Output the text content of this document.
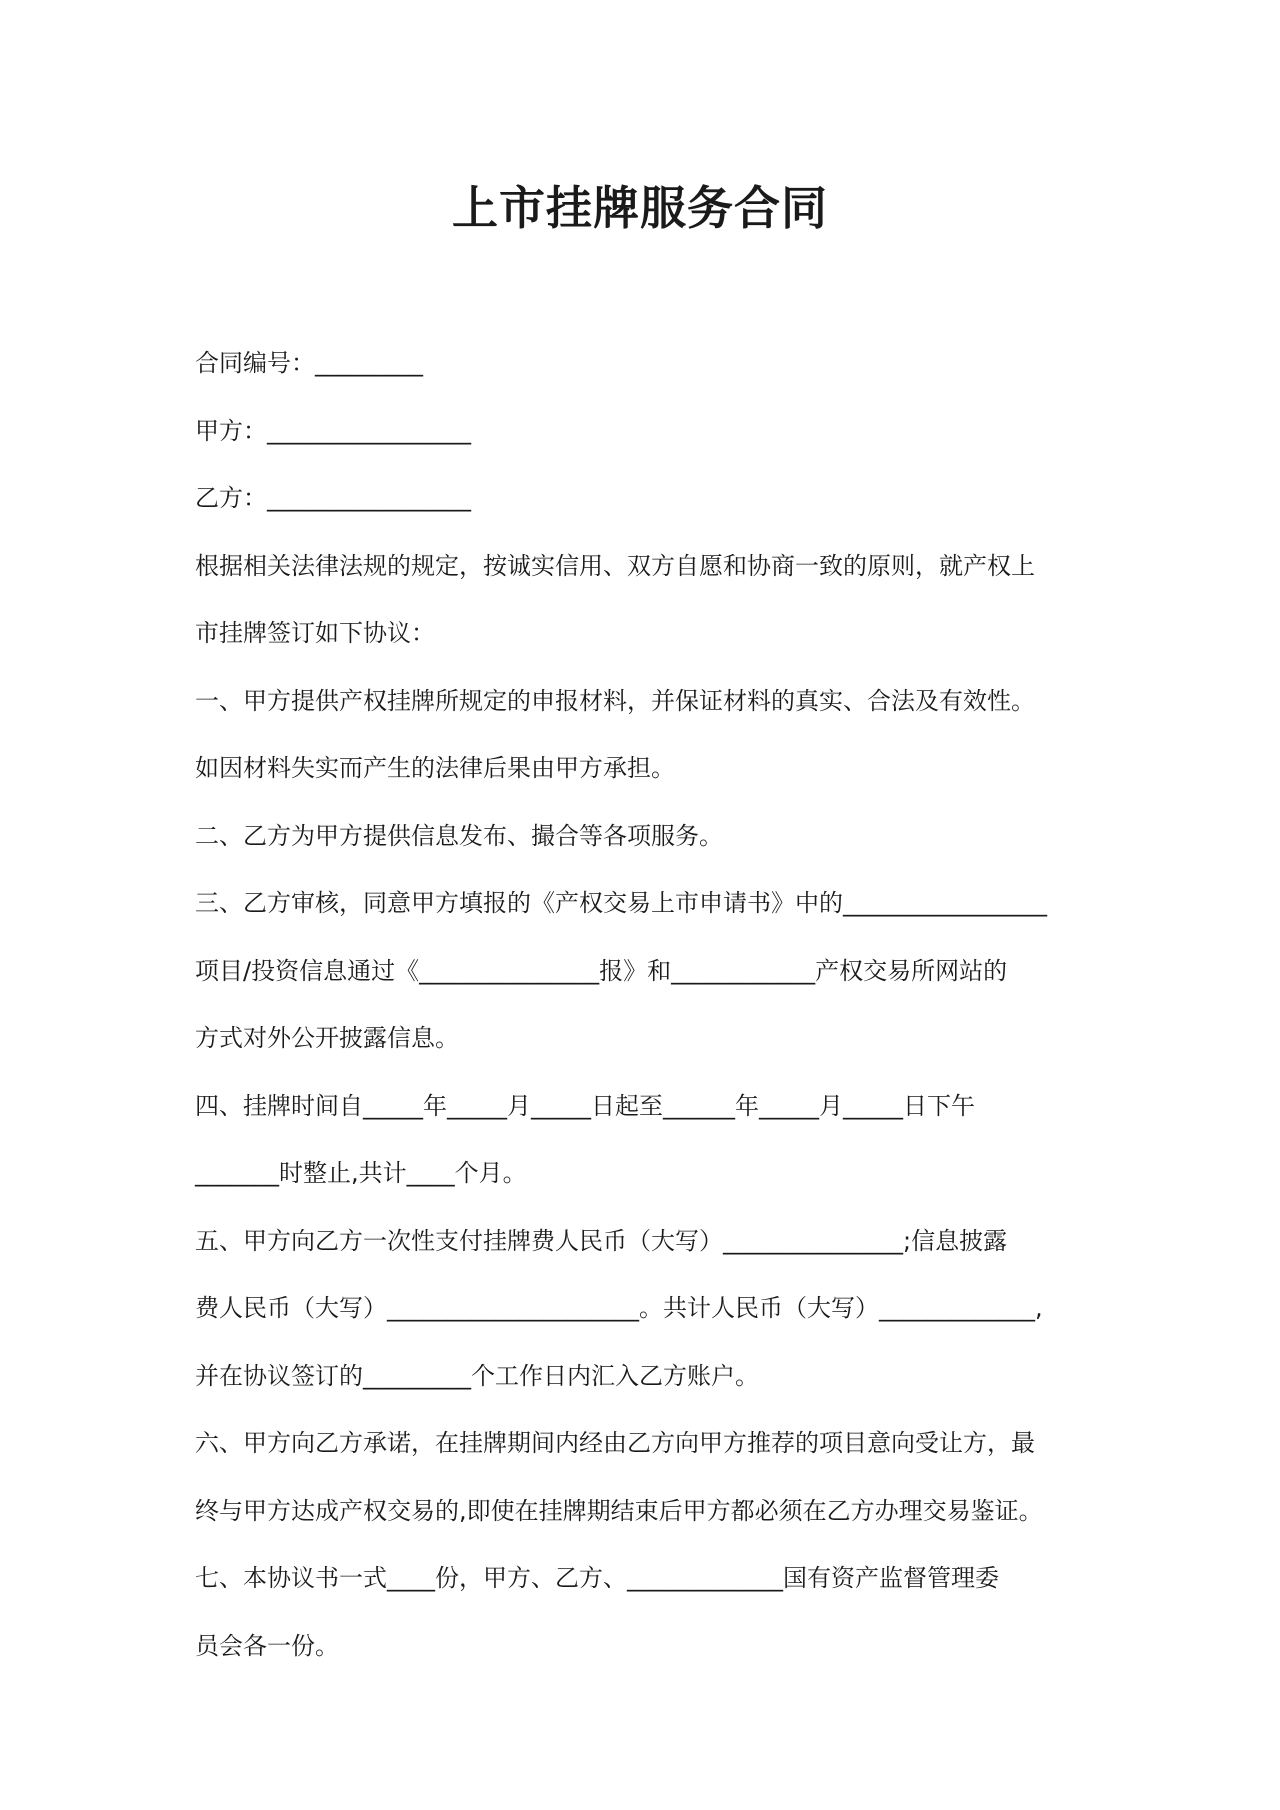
上市挂牌服务合同
合同编号：_________
甲方：_________________
乙方：_________________
根据相关法律法规的规定，按诚实信用、双方自愿和协商一致的原则，就产权上
市挂牌签订如下协议：
一、甲方提供产权挂牌所规定的申报材料，并保证材料的真实、合法及有效性。
如因材料失实而产生的法律后果由甲方承担。
二、乙方为甲方提供信息发布、撮合等各项服务。
三、乙方审核，同意甲方填报的《产权交易上市申请书》中的_________________
项目/投资信息通过《_______________报》和____________产权交易所网站的
方式对外公开披露信息。
四、挂牌时间自_____年_____月_____日起至______年_____月_____日下午
_______时整止,共计____个月。
五、甲方向乙方一次性支付挂牌费人民币（大写）_______________;信息披露
费人民币（大写）_____________________。共计人民币（大写）_____________,
并在协议签订的_________个工作日内汇入乙方账户。
六、甲方向乙方承诺，在挂牌期间内经由乙方向甲方推荐的项目意向受让方，最
终与甲方达成产权交易的,即使在挂牌期结束后甲方都必须在乙方办理交易鉴证。
七、本协议书一式____份，甲方、乙方、_____________国有资产监督管理委
员会各一份。
